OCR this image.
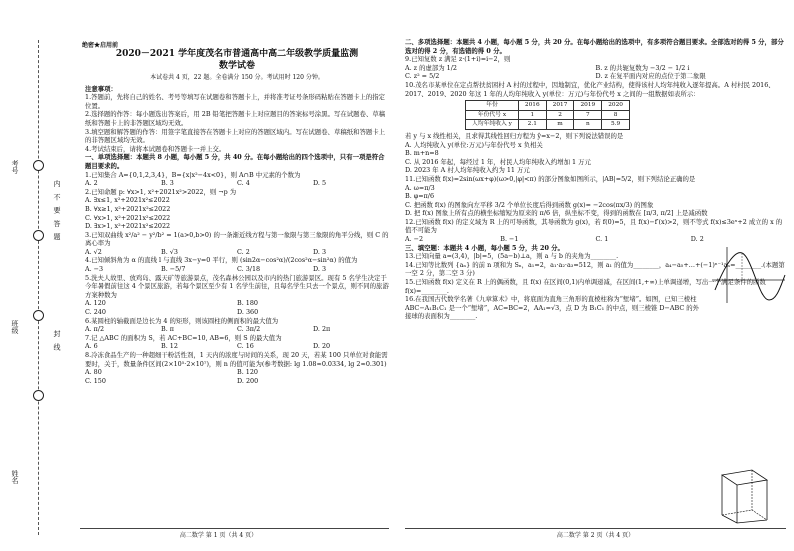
内 不 要 答 题
封 线
考号
班级
姓名
绝密★启用前
2020－2021 学年度茂名市普通高中高二年级教学质量监测
数学试卷
本试卷共 4 页，22 题。全卷满分 150 分。考试用时 120 分钟。

注意事项：

1.答题前，先将自己的姓名、考号等填写在试题卷和答题卡上，并将准考证号条形码粘贴在答题卡上的指定位置。

2.选择题的作答：每小题选出答案后，用 2B 铅笔把答题卡上对应题目的答案标号涂黑。写在试题卷、草稿纸和答题卡上的非答题区域均无效。

3.填空题和解答题的作答：用签字笔直接答在答题卡上对应的答题区域内。写在试题卷、草稿纸和答题卡上的非答题区域均无效。

4.考试结束后，请将本试题卷和答题卡一并上交。

一、单项选择题：本题共 8 小题，每小题 5 分，共 40 分。在每小题给出的四个选项中，只有一项是符合题目要求的。

1.已知集合 A={0,1,2,3,4}，B={x|x²−4x<0}，则 A∩B 中元素的个数为

A. 2	B. 3	C. 4	D. 5

2.已知命题 p: ∀x>1, x²+2021x²>2022，则 ¬p 为

A. ∃x≤1, x²+2021x²≤2022

B. ∀x≥1, x²+2021x²≤2022

C. ∀x>1, x²+2021x²≤2022

D. ∃x>1, x²+2021x²≤2022

3.已知双曲线 x²/a² − y²/b² = 1(a>0,b>0) 的一条渐近线方程与第一象限与第三象限的角平分线，则 C 的离心率为

A. √2	B. √3	C. 2	D. 3

4.已知倾斜角为 α 的直线 l 与直线 3x−y=0 平行，则 (sin2α−cos²α)/(2cos²α−sin²α) 的值为

A. −3	B. −5/7	C. 3/18	D. 3

5.洗夫人故里、放鸡岛、露天矿等旅游景点，茂名森林公园以及市内的热门旅游景区。现有 5 名学生决定于今年暑假前往这 4 个景区旅游，若每个景区至少有 1 名学生前往，且每名学生只去一个景点，则不同的旅游方案种数为

A. 120	B. 180
C. 240	D. 360

6.某圆柱的轴截面是边长为 4 的矩形，则该圆柱的侧面积的最大值为

A. π/2	B. π	C. 3π/2	D. 2π

7.记 △ABC 的面积为 S，若 AC+BC=10, AB=6，则 S 的最大值为

A. 6	B. 12	C. 16	D. 20

8.冷冻食品生产的一种超细干粉活性剂，1 天内的浓度与时间的关系，现 20 天，若某 100 只单位对食能需要时，关于，数量条件区间(2×10⁵·2×10⁷)，则 n 的值可能为(参考数据: lg 1.08≈0.0334, lg 2≈0.301)

A. 80	B. 120
C. 150	D. 200
高二数学 第 1 页（共 4 页）

二、多项选择题：本题共 4 小题，每小题 5 分，共 20 分。在每小题给出的选项中，有多项符合题目要求。全部选对的得 5 分，部分选对的得 2 分，有选错的得 0 分。

9.已知复数 z 满足 z·(1+i)=i−2，则

A. z 的虚部为 1/2	B. z 的共轭复数为 −3/2 − 1/2 i
C. z² = 5/2	D. z 在复平面内对应的点位于第二象限

10.茂名市某单位在定点帮扶贫困村 A 村的过程中，因地制宜，优化产业结构，使得该村人均年纯收入逐年提高。A 村村民 2016、2017、2019、2020 年这 1 年的人均年纯收入 y(单位：万元)与年份代号 x 之间的一组数据如表所示：

年份	2016	2017	2019	2020
年份代号 x	1	2	7	8
人均年纯收入 y	2.1	m	n	5.9

若 y 与 x 线性相关，且求得其线性回归方程为 ŷ=x−2，则下列说法错误的是

A. 人均纯收入 y(单位:万元)与年份代号 x 负相关

B. m+n=8

C. 从 2016 年起，每经过 1 年，村民人均年纯收入约增加 1 万元

D. 2023 年 A 村人均年纯收入约为 11 万元

11.已知函数 f(x)=2sin(ωx+φ)(ω>0,|φ|<π) 的部分图象如图所示，|AB|=5/2，则下列结论正确的是

A. ω=π/3

B. φ=π/6

C. 把函数 f(x) 的图象向左平移 3/2 个单位长度后得到函数 g(x)= −2cos(πx/3) 的图象

D. 把 f(x) 图象上所有点的横坐标缩短为原来的 π/6 倍，纵坐标不变，得到的函数在 [π/3, π/2] 上是减函数

12.已知函数 f(x) 的定义域为 R 上的可导函数，其导函数为 g(x)，若 f(0)=5，且 f(x)−f′(x)>2，则不等式 f(x)≤3eˣ+2 成立的 x 的值不可能为

A. −2	B. −1	C. 1	D. 2

三、填空题：本题共 4 小题，每小题 5 分，共 20 分。

13.已知向量 a=(3,4)，|b|=5，(5a−b)⊥a，则 a 与 b 的夹角为________.

14.已知等比数列 {aₙ} 的前 n 项和为 Sₙ，a₁=2，a₁·a₂·a₃=512，则 a₁ 的值为________，a₄−a₅+…+(−1)ⁿ⁻¹aₙ=________.(本题第一空 2 分，第二空 3 分)

15.已知函数 f(x) 定义在 R 上的偶函数，且 f(x) 在区间(0,1)内单调递减，在区间(1,+∞)上单调递增，写出一个满足条件的函数 f(x)=________.

16.在我国古代数学名著《九章算术》中，将底面为直角三角形的直棱柱称为“堑堵”。如图，已知三棱柱 ABC−A₁B₁C₁ 是一个“堑堵”，AC=BC=2，AA₁=√3，点 D 为 B₁C₁ 的中点，则三棱锥 D−ABC 的外接球的表面积为________.

高二数学 第 2 页（共 4 页）
